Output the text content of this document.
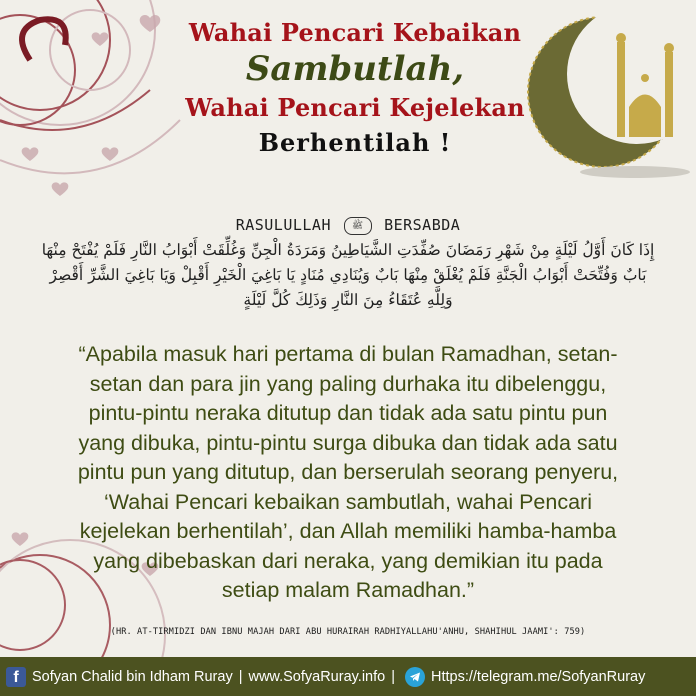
Wahai Pencari Kebaikan
Sambutlah,
Wahai Pencari Kejelekan
Berhentilah !
RASULULLAH ﷺ BERSABDA
إِذَا كَانَ أَوَّلُ لَيْلَةٍ مِنْ شَهْرِ رَمَضَانَ صُفِّدَتِ الشَّيَاطِينُ وَمَرَدَةُ الْجِنِّ وَغُلِّقَتْ أَبْوَابُ النَّارِ فَلَمْ يُفْتَحْ مِنْهَا
بَابٌ وَفُتِّحَتْ أَبْوَابُ الْجَنَّةِ فَلَمْ يُغْلَقْ مِنْهَا بَابٌ وَيُنَادِي مُنَادٍ يَا بَاغِيَ الْخَيْرِ أَقْبِلْ وَيَا بَاغِيَ الشَّرِّ أَقْصِرْ
وَلِلَّهِ عُتَقَاءُ مِنَ النَّارِ وَذَلِكَ كُلَّ لَيْلَةٍ
“Apabila masuk hari pertama di bulan Ramadhan, setan-
setan dan para jin yang paling durhaka itu dibelenggu,
pintu-pintu neraka ditutup dan tidak ada satu pintu pun
yang dibuka, pintu-pintu surga dibuka dan tidak ada satu
pintu pun yang ditutup, dan berserulah seorang penyeru,
‘Wahai Pencari kebaikan sambutlah, wahai Pencari
kejelekan berhentilah’, dan Allah memiliki hamba-hamba
yang dibebaskan dari neraka, yang demikian itu pada
setiap malam Ramadhan.”
(HR. AT-TIRMIDZI DAN IBNU MAJAH DARI ABU HURAIRAH RADHIYALLAHU'ANHU, SHAHIHUL JAAMI': 759)
f Sofyan Chalid bin Idham Ruray | www.SofyaRuray.info | Https://telegram.me/SofyanRuray
